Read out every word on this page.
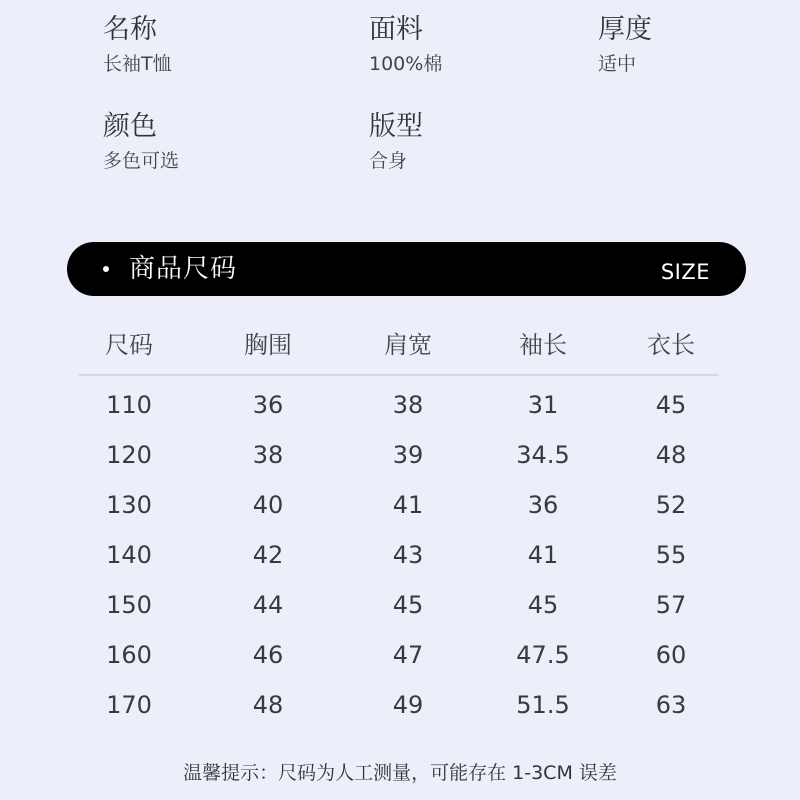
名称
长袖T恤
面料
100%棉
厚度
适中
颜色
多色可选
版型
合身
商品尺码	SIZE
尺码	胸围	肩宽	袖长	衣长
110	36	38	31	45
120	38	39	34.5	48
130	40	41	36	52
140	42	43	41	55
150	44	45	45	57
160	46	47	47.5	60
170	48	49	51.5	63
温馨提示：尺码为人工测量，可能存在 1-3CM 误差
